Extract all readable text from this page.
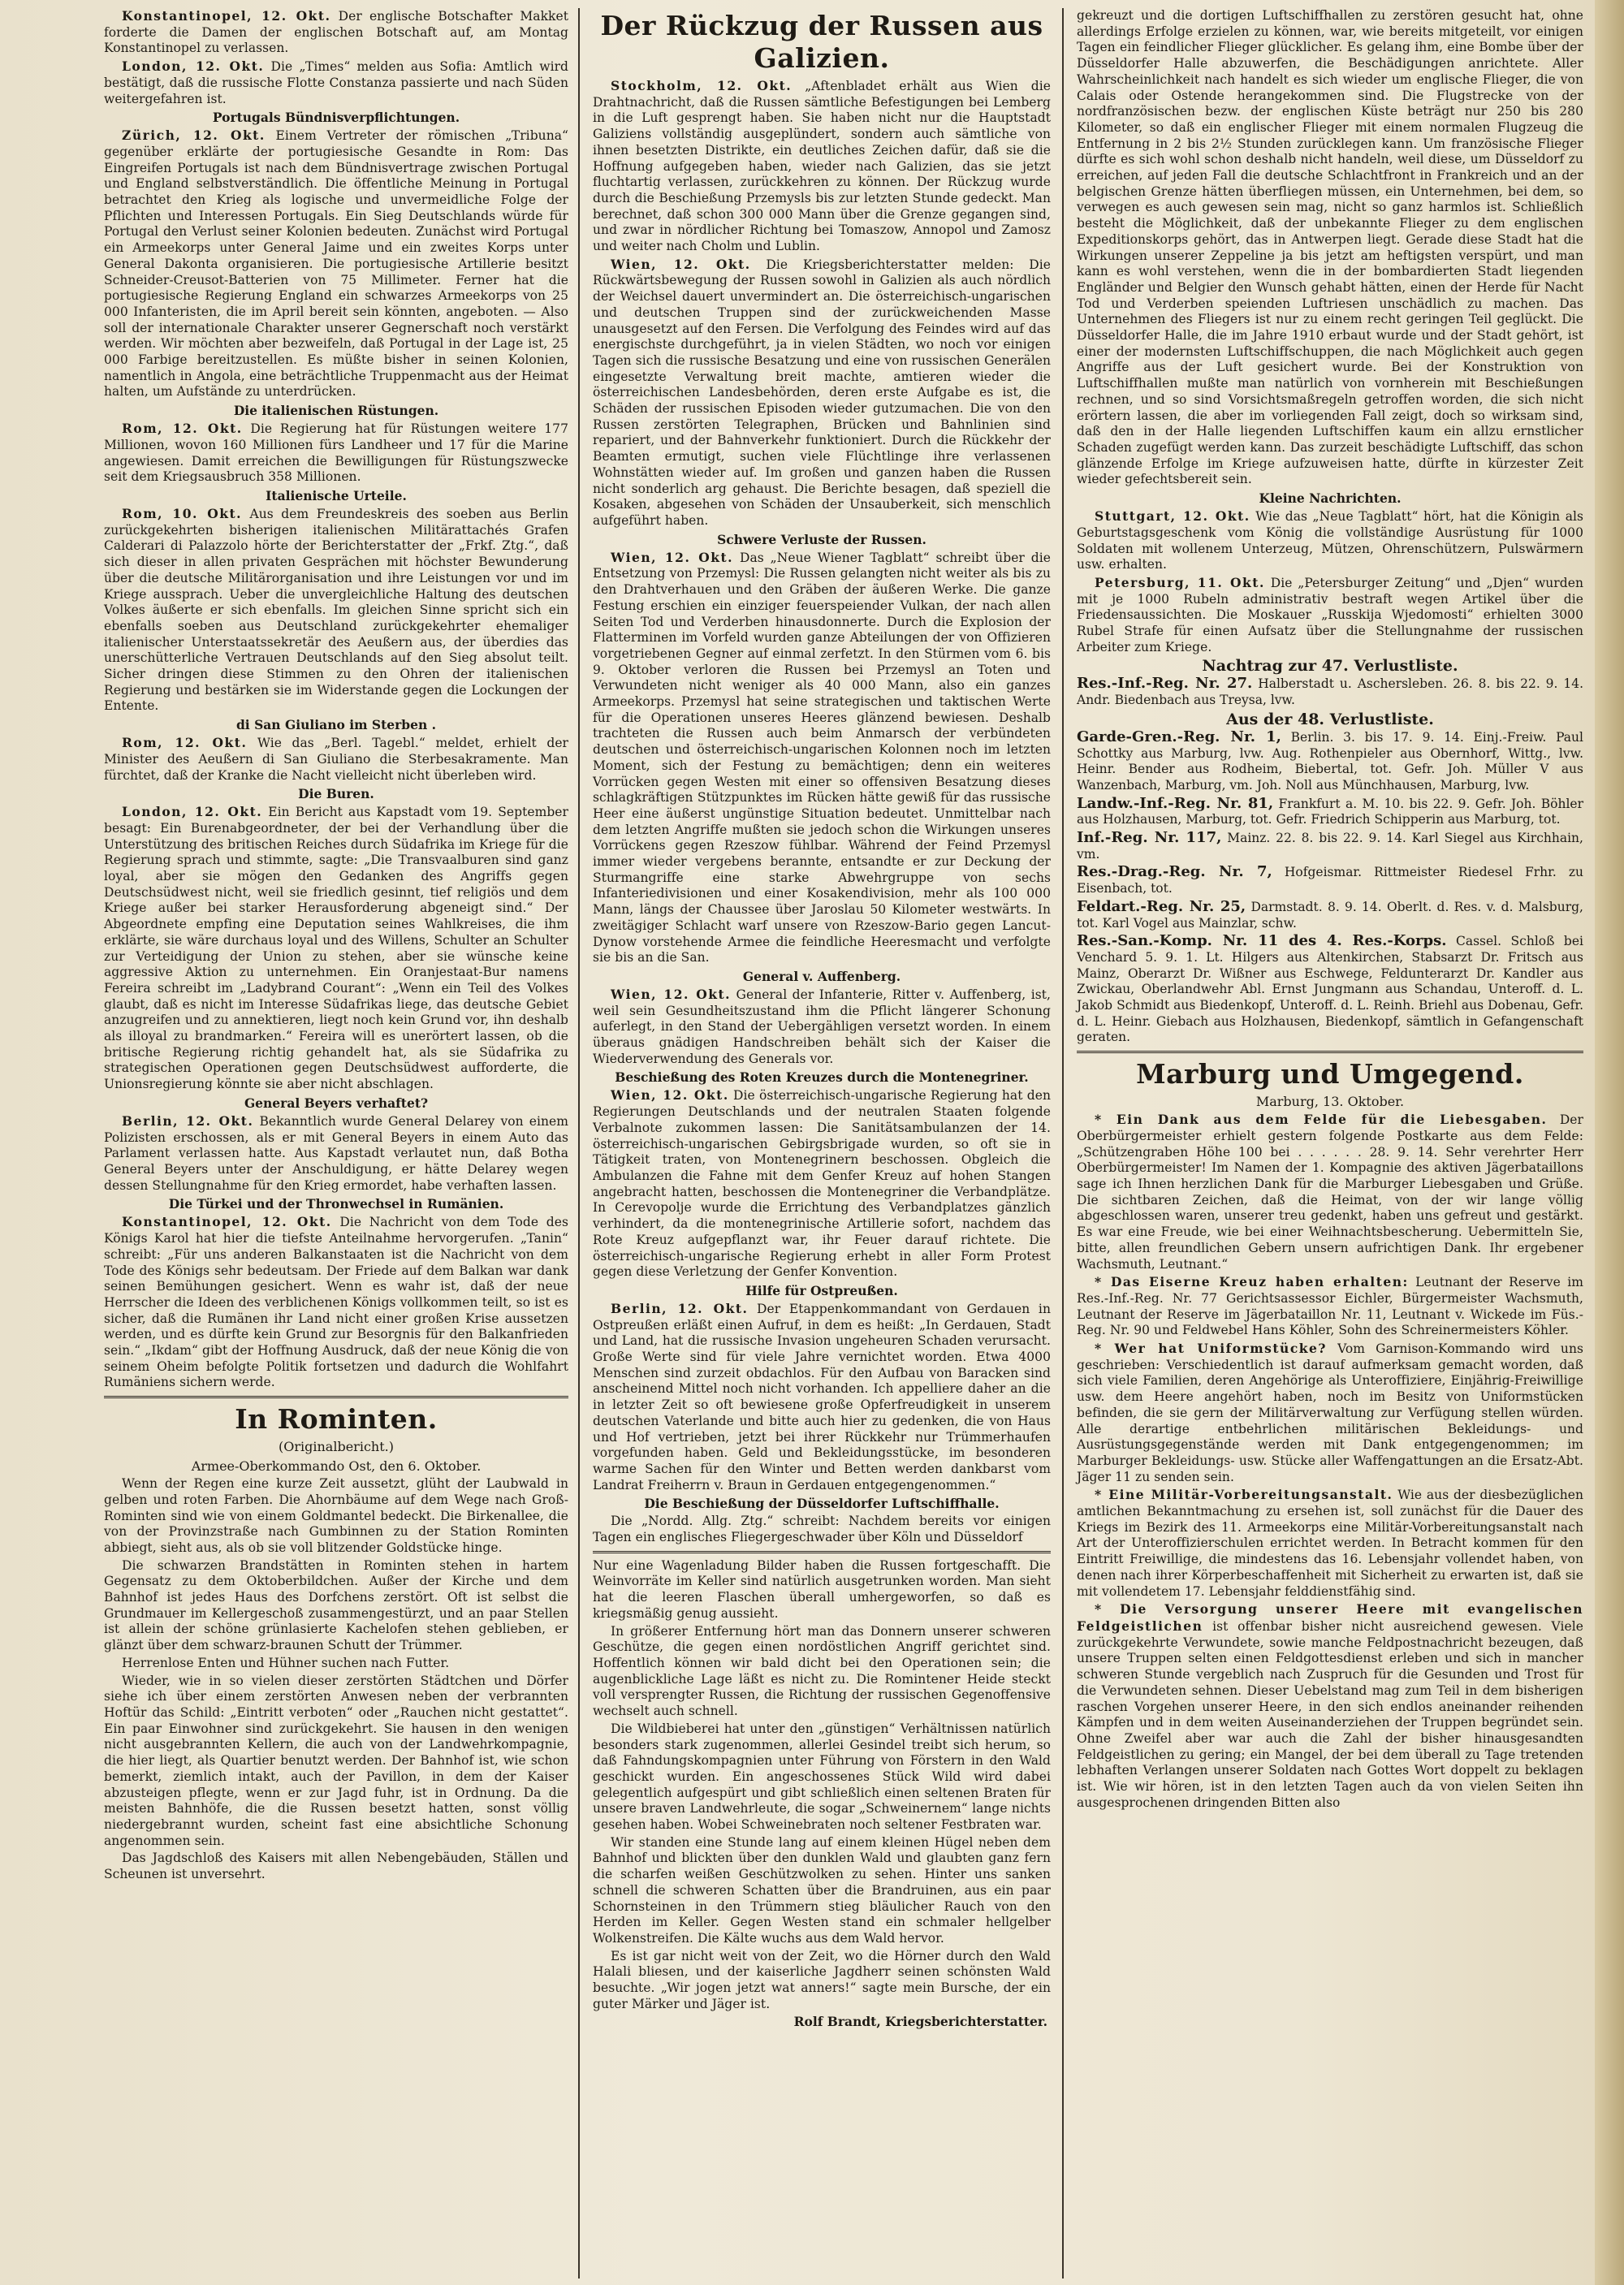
Konstantinopel, 12. Okt. Der englische Botschafter Makket forderte die Damen der englischen Botschaft auf, am Montag Konstantinopel zu verlassen.

London, 12. Okt. Die „Times“ melden aus Sofia: Amtlich wird bestätigt, daß die russische Flotte Constanza passierte und nach Süden weitergefahren ist.

Portugals Bündnisverpflichtungen.

Zürich, 12. Okt. Einem Vertreter der römischen „Tribuna“ gegenüber erklärte der portugiesische Gesandte in Rom: Das Eingreifen Portugals ist nach dem Bündnisvertrage zwischen Portugal und England selbstverständlich. Die öffentliche Meinung in Portugal betrachtet den Krieg als logische und unvermeidliche Folge der Pflichten und Interessen Portugals. Ein Sieg Deutschlands würde für Portugal den Verlust seiner Kolonien bedeuten. Zunächst wird Portugal ein Armeekorps unter General Jaime und ein zweites Korps unter General Dakonta organisieren. Die portugiesische Artillerie besitzt Schneider-Creusot-Batterien von 75 Millimeter. Ferner hat die portugiesische Regierung England ein schwarzes Armeekorps von 25 000 Infanteristen, die im April bereit sein könnten, angeboten. — Also soll der internationale Charakter unserer Gegnerschaft noch verstärkt werden. Wir möchten aber bezweifeln, daß Portugal in der Lage ist, 25 000 Farbige bereitzustellen. Es müßte bisher in seinen Kolonien, namentlich in Angola, eine beträchtliche Truppenmacht aus der Heimat halten, um Aufstände zu unterdrücken.

Die italienischen Rüstungen.

Rom, 12. Okt. Die Regierung hat für Rüstungen weitere 177 Millionen, wovon 160 Millionen fürs Landheer und 17 für die Marine angewiesen. Damit erreichen die Bewilligungen für Rüstungszwecke seit dem Kriegsausbruch 358 Millionen.

Italienische Urteile.

Rom, 10. Okt. Aus dem Freundeskreis des soeben aus Berlin zurückgekehrten bisherigen italienischen Militärattachés Grafen Calderari di Palazzolo hörte der Berichterstatter der „Frkf. Ztg.“, daß sich dieser in allen privaten Gesprächen mit höchster Bewunderung über die deutsche Militärorganisation und ihre Leistungen vor und im Kriege aussprach. Ueber die unvergleichliche Haltung des deutschen Volkes äußerte er sich ebenfalls. Im gleichen Sinne spricht sich ein ebenfalls soeben aus Deutschland zurückgekehrter ehemaliger italienischer Unterstaatssekretär des Aeußern aus, der überdies das unerschütterliche Vertrauen Deutschlands auf den Sieg absolut teilt. Sicher dringen diese Stimmen zu den Ohren der italienischen Regierung und bestärken sie im Widerstande gegen die Lockungen der Entente.

di San Giuliano im Sterben .

Rom, 12. Okt. Wie das „Berl. Tagebl.“ meldet, erhielt der Minister des Aeußern di San Giuliano die Sterbesakramente. Man fürchtet, daß der Kranke die Nacht vielleicht nicht überleben wird.

Die Buren.

London, 12. Okt. Ein Bericht aus Kapstadt vom 19. September besagt: Ein Burenabgeordneter, der bei der Verhandlung über die Unterstützung des britischen Reiches durch Südafrika im Kriege für die Regierung sprach und stimmte, sagte: „Die Transvaalburen sind ganz loyal, aber sie mögen den Gedanken des Angriffs gegen Deutschsüdwest nicht, weil sie friedlich gesinnt, tief religiös und dem Kriege außer bei starker Herausforderung abgeneigt sind.“ Der Abgeordnete empfing eine Deputation seines Wahlkreises, die ihm erklärte, sie wäre durchaus loyal und des Willens, Schulter an Schulter zur Verteidigung der Union zu stehen, aber sie wünsche keine aggressive Aktion zu unternehmen. Ein Oranjestaat-Bur namens Fereira schreibt im „Ladybrand Courant“: „Wenn ein Teil des Volkes glaubt, daß es nicht im Interesse Südafrikas liege, das deutsche Gebiet anzugreifen und zu annektieren, liegt noch kein Grund vor, ihn deshalb als illoyal zu brandmarken.“ Fereira will es unerörtert lassen, ob die britische Regierung richtig gehandelt hat, als sie Südafrika zu strategischen Operationen gegen Deutschsüdwest aufforderte, die Unionsregierung könnte sie aber nicht abschlagen.

General Beyers verhaftet?

Berlin, 12. Okt. Bekanntlich wurde General Delarey von einem Polizisten erschossen, als er mit General Beyers in einem Auto das Parlament verlassen hatte. Aus Kapstadt verlautet nun, daß Botha General Beyers unter der Anschuldigung, er hätte Delarey wegen dessen Stellungnahme für den Krieg ermordet, habe verhaften lassen.

Die Türkei und der Thronwechsel in Rumänien.

Konstantinopel, 12. Okt. Die Nachricht von dem Tode des Königs Karol hat hier die tiefste Anteilnahme hervorgerufen. „Tanin“ schreibt: „Für uns anderen Balkanstaaten ist die Nachricht von dem Tode des Königs sehr bedeutsam. Der Friede auf dem Balkan war dank seinen Bemühungen gesichert. Wenn es wahr ist, daß der neue Herrscher die Ideen des verblichenen Königs vollkommen teilt, so ist es sicher, daß die Rumänen ihr Land nicht einer großen Krise aussetzen werden, und es dürfte kein Grund zur Besorgnis für den Balkanfrieden sein.“ „Ikdam“ gibt der Hoffnung Ausdruck, daß der neue König die von seinem Oheim befolgte Politik fortsetzen und dadurch die Wohlfahrt Rumäniens sichern werde.

In Rominten.
(Originalbericht.)
Armee-Oberkommando Ost, den 6. Oktober.

Wenn der Regen eine kurze Zeit aussetzt, glüht der Laubwald in gelben und roten Farben. Die Ahornbäume auf dem Wege nach Groß-Rominten sind wie von einem Goldmantel bedeckt. Die Birkenallee, die von der Provinzstraße nach Gumbinnen zu der Station Rominten abbiegt, sieht aus, als ob sie voll blitzender Goldstücke hinge.

Die schwarzen Brandstätten in Rominten stehen in hartem Gegensatz zu dem Oktoberbildchen. Außer der Kirche und dem Bahnhof ist jedes Haus des Dorfchens zerstört. Oft ist selbst die Grundmauer im Kellergeschoß zusammengestürzt, und an paar Stellen ist allein der schöne grünlasierte Kachelofen stehen geblieben, er glänzt über dem schwarz-braunen Schutt der Trümmer.

Herrenlose Enten und Hühner suchen nach Futter.

Wieder, wie in so vielen dieser zerstörten Städtchen und Dörfer siehe ich über einem zerstörten Anwesen neben der verbrannten Hoftür das Schild: „Eintritt verboten“ oder „Rauchen nicht gestattet“. Ein paar Einwohner sind zurückgekehrt. Sie hausen in den wenigen nicht ausgebrannten Kellern, die auch von der Landwehrkompagnie, die hier liegt, als Quartier benutzt werden. Der Bahnhof ist, wie schon bemerkt, ziemlich intakt, auch der Pavillon, in dem der Kaiser abzusteigen pflegte, wenn er zur Jagd fuhr, ist in Ordnung. Da die meisten Bahnhöfe, die die Russen besetzt hatten, sonst völlig niedergebrannt wurden, scheint fast eine absichtliche Schonung angenommen sein.

Das Jagdschloß des Kaisers mit allen Nebengebäuden, Ställen und Scheunen ist unversehrt.

Der Rückzug der Russen aus Galizien.

Stockholm, 12. Okt. „Aftenbladet erhält aus Wien die Drahtnachricht, daß die Russen sämtliche Befestigungen bei Lemberg in die Luft gesprengt haben. Sie haben nicht nur die Hauptstadt Galiziens vollständig ausgeplündert, sondern auch sämtliche von ihnen besetzten Distrikte, ein deutliches Zeichen dafür, daß sie die Hoffnung aufgegeben haben, wieder nach Galizien, das sie jetzt fluchtartig verlassen, zurückkehren zu können. Der Rückzug wurde durch die Beschießung Przemysls bis zur letzten Stunde gedeckt. Man berechnet, daß schon 300 000 Mann über die Grenze gegangen sind, und zwar in nördlicher Richtung bei Tomaszow, Annopol und Zamosz und weiter nach Cholm und Lublin.

Wien, 12. Okt. Die Kriegsberichterstatter melden: Die Rückwärtsbewegung der Russen sowohl in Galizien als auch nördlich der Weichsel dauert unvermindert an. Die österreichisch-ungarischen und deutschen Truppen sind der zurückweichenden Masse unausgesetzt auf den Fersen. Die Verfolgung des Feindes wird auf das energischste durchgeführt, ja in vielen Städten, wo noch vor einigen Tagen sich die russische Besatzung und eine von russischen Generälen eingesetzte Verwaltung breit machte, amtieren wieder die österreichischen Landesbehörden, deren erste Aufgabe es ist, die Schäden der russischen Episoden wieder gutzumachen. Die von den Russen zerstörten Telegraphen, Brücken und Bahnlinien sind repariert, und der Bahnverkehr funktioniert. Durch die Rückkehr der Beamten ermutigt, suchen viele Flüchtlinge ihre verlassenen Wohnstätten wieder auf. Im großen und ganzen haben die Russen nicht sonderlich arg gehaust. Die Berichte besagen, daß speziell die Kosaken, abgesehen von Schäden der Unsauberkeit, sich menschlich aufgeführt haben.

Schwere Verluste der Russen.

Wien, 12. Okt. Das „Neue Wiener Tagblatt“ schreibt über die Entsetzung von Przemysl: Die Russen gelangten nicht weiter als bis zu den Drahtverhauen und den Gräben der äußeren Werke. Die ganze Festung erschien ein einziger feuerspeiender Vulkan, der nach allen Seiten Tod und Verderben hinausdonnerte. Durch die Explosion der Flatterminen im Vorfeld wurden ganze Abteilungen der von Offizieren vorgetriebenen Gegner auf einmal zerfetzt. In den Stürmen vom 6. bis 9. Oktober verloren die Russen bei Przemysl an Toten und Verwundeten nicht weniger als 40 000 Mann, also ein ganzes Armeekorps. Przemysl hat seine strategischen und taktischen Werte für die Operationen unseres Heeres glänzend bewiesen. Deshalb trachteten die Russen auch beim Anmarsch der verbündeten deutschen und österreichisch-ungarischen Kolonnen noch im letzten Moment, sich der Festung zu bemächtigen; denn ein weiteres Vorrücken gegen Westen mit einer so offensiven Besatzung dieses schlagkräftigen Stützpunktes im Rücken hätte gewiß für das russische Heer eine äußerst ungünstige Situation bedeutet. Unmittelbar nach dem letzten Angriffe mußten sie jedoch schon die Wirkungen unseres Vorrückens gegen Rzeszow fühlbar. Während der Feind Przemysl immer wieder vergebens berannte, entsandte er zur Deckung der Sturmangriffe eine starke Abwehrgruppe von sechs Infanteriedivisionen und einer Kosakendivision, mehr als 100 000 Mann, längs der Chaussee über Jaroslau 50 Kilometer westwärts. In zweitägiger Schlacht warf unsere von Rzeszow-Bario gegen Lancut-Dynow vorstehende Armee die feindliche Heeresmacht und verfolgte sie bis an die San.

General v. Auffenberg.

Wien, 12. Okt. General der Infanterie, Ritter v. Auffenberg, ist, weil sein Gesundheitszustand ihm die Pflicht längerer Schonung auferlegt, in den Stand der Uebergähligen versetzt worden. In einem überaus gnädigen Handschreiben behält sich der Kaiser die Wiederverwendung des Generals vor.

Beschießung des Roten Kreuzes durch die Montenegriner.

Wien, 12. Okt. Die österreichisch-ungarische Regierung hat den Regierungen Deutschlands und der neutralen Staaten folgende Verbalnote zukommen lassen: Die Sanitätsambulanzen der 14. österreichisch-ungarischen Gebirgsbrigade wurden, so oft sie in Tätigkeit traten, von Montenegrinern beschossen. Obgleich die Ambulanzen die Fahne mit dem Genfer Kreuz auf hohen Stangen angebracht hatten, beschossen die Montenegriner die Verbandplätze. In Cerevopolje wurde die Errichtung des Verbandplatzes gänzlich verhindert, da die montenegrinische Artillerie sofort, nachdem das Rote Kreuz aufgepflanzt war, ihr Feuer darauf richtete. Die österreichisch-ungarische Regierung erhebt in aller Form Protest gegen diese Verletzung der Genfer Konvention.

Hilfe für Ostpreußen.

Berlin, 12. Okt. Der Etappenkommandant von Gerdauen in Ostpreußen erläßt einen Aufruf, in dem es heißt: „In Gerdauen, Stadt und Land, hat die russische Invasion ungeheuren Schaden verursacht. Große Werte sind für viele Jahre vernichtet worden. Etwa 4000 Menschen sind zurzeit obdachlos. Für den Aufbau von Baracken sind anscheinend Mittel noch nicht vorhanden. Ich appelliere daher an die in letzter Zeit so oft bewiesene große Opferfreudigkeit in unserem deutschen Vaterlande und bitte auch hier zu gedenken, die von Haus und Hof vertrieben, jetzt bei ihrer Rückkehr nur Trümmerhaufen vorgefunden haben. Geld und Bekleidungsstücke, im besonderen warme Sachen für den Winter und Betten werden dankbarst vom Landrat Freiherrn v. Braun in Gerdauen entgegengenommen.“

Die Beschießung der Düsseldorfer Luftschiffhalle.

Die „Nordd. Allg. Ztg.“ schreibt: Nachdem bereits vor einigen Tagen ein englisches Fliegergeschwader über Köln und Düsseldorf

Nur eine Wagenladung Bilder haben die Russen fortgeschafft. Die Weinvorräte im Keller sind natürlich ausgetrunken worden. Man sieht hat die leeren Flaschen überall umhergeworfen, so daß es kriegsmäßig genug aussieht.

In größerer Entfernung hört man das Donnern unserer schweren Geschütze, die gegen einen nordöstlichen Angriff gerichtet sind. Hoffentlich können wir bald dicht bei den Operationen sein; die augenblickliche Lage läßt es nicht zu. Die Romintener Heide steckt voll versprengter Russen, die Richtung der russischen Gegenoffensive wechselt auch schnell.

Die Wildbieberei hat unter den „günstigen“ Verhältnissen natürlich besonders stark zugenommen, allerlei Gesindel treibt sich herum, so daß Fahndungskompagnien unter Führung von Förstern in den Wald geschickt wurden. Ein angeschossenes Stück Wild wird dabei gelegentlich aufgespürt und gibt schließlich einen seltenen Braten für unsere braven Landwehrleute, die sogar „Schweinernem“ lange nichts gesehen haben. Wobei Schweinebraten noch seltener Festbraten war.

Wir standen eine Stunde lang auf einem kleinen Hügel neben dem Bahnhof und blickten über den dunklen Wald und glaubten ganz fern die scharfen weißen Geschützwolken zu sehen. Hinter uns sanken schnell die schweren Schatten über die Brandruinen, aus ein paar Schornsteinen in den Trümmern stieg bläulicher Rauch von den Herden im Keller. Gegen Westen stand ein schmaler hellgelber Wolkenstreifen. Die Kälte wuchs aus dem Wald hervor.

Es ist gar nicht weit von der Zeit, wo die Hörner durch den Wald Halali bliesen, und der kaiserliche Jagdherr seinen schönsten Wald besuchte. „Wir jogen jetzt wat anners!“ sagte mein Bursche, der ein guter Märker und Jäger ist.

Rolf Brandt, Kriegsberichterstatter.

gekreuzt und die dortigen Luftschiffhallen zu zerstören gesucht hat, ohne allerdings Erfolge erzielen zu können, war, wie bereits mitgeteilt, vor einigen Tagen ein feindlicher Flieger glücklicher. Es gelang ihm, eine Bombe über der Düsseldorfer Halle abzuwerfen, die Beschädigungen anrichtete. Aller Wahrscheinlichkeit nach handelt es sich wieder um englische Flieger, die von Calais oder Ostende herangekommen sind. Die Flugstrecke von der nordfranzösischen bezw. der englischen Küste beträgt nur 250 bis 280 Kilometer, so daß ein englischer Flieger mit einem normalen Flugzeug die Entfernung in 2 bis 2½ Stunden zurücklegen kann. Um französische Flieger dürfte es sich wohl schon deshalb nicht handeln, weil diese, um Düsseldorf zu erreichen, auf jeden Fall die deutsche Schlachtfront in Frankreich und an der belgischen Grenze hätten überfliegen müssen, ein Unternehmen, bei dem, so verwegen es auch gewesen sein mag, nicht so ganz harmlos ist. Schließlich besteht die Möglichkeit, daß der unbekannte Flieger zu dem englischen Expeditionskorps gehört, das in Antwerpen liegt. Gerade diese Stadt hat die Wirkungen unserer Zeppeline ja bis jetzt am heftigsten verspürt, und man kann es wohl verstehen, wenn die in der bombardierten Stadt liegenden Engländer und Belgier den Wunsch gehabt hätten, einen der Herde für Nacht Tod und Verderben speienden Luftriesen unschädlich zu machen. Das Unternehmen des Fliegers ist nur zu einem recht geringen Teil geglückt. Die Düsseldorfer Halle, die im Jahre 1910 erbaut wurde und der Stadt gehört, ist einer der modernsten Luftschiffschuppen, die nach Möglichkeit auch gegen Angriffe aus der Luft gesichert wurde. Bei der Konstruktion von Luftschiffhallen mußte man natürlich von vornherein mit Beschießungen rechnen, und so sind Vorsichtsmaßregeln getroffen worden, die sich nicht erörtern lassen, die aber im vorliegenden Fall zeigt, doch so wirksam sind, daß den in der Halle liegenden Luftschiffen kaum ein allzu ernstlicher Schaden zugefügt werden kann. Das zurzeit beschädigte Luftschiff, das schon glänzende Erfolge im Kriege aufzuweisen hatte, dürfte in kürzester Zeit wieder gefechtsbereit sein.

Kleine Nachrichten.

Stuttgart, 12. Okt. Wie das „Neue Tagblatt“ hört, hat die Königin als Geburtstagsgeschenk vom König die vollständige Ausrüstung für 1000 Soldaten mit wollenem Unterzeug, Mützen, Ohrenschützern, Pulswärmern usw. erhalten.

Petersburg, 11. Okt. Die „Petersburger Zeitung“ und „Djen“ wurden mit je 1000 Rubeln administrativ bestraft wegen Artikel über die Friedensaussichten. Die Moskauer „Russkija Wjedomosti“ erhielten 3000 Rubel Strafe für einen Aufsatz über die Stellungnahme der russischen Arbeiter zum Kriege.

Nachtrag zur 47. Verlustliste.

Res.-Inf.-Reg. Nr. 27. Halberstadt u. Aschersleben. 26. 8. bis 22. 9. 14. Andr. Biedenbach aus Treysa, lvw.

Aus der 48. Verlustliste.

Garde-Gren.-Reg. Nr. 1, Berlin. 3. bis 17. 9. 14. Einj.-Freiw. Paul Schottky aus Marburg, lvw. Aug. Rothenpieler aus Obernhorf, Wittg., lvw. Heinr. Bender aus Rodheim, Biebertal, tot. Gefr. Joh. Müller V aus Wanzenbach, Marburg, vm. Joh. Noll aus Münchhausen, Marburg, lvw.

Landw.-Inf.-Reg. Nr. 81, Frankfurt a. M. 10. bis 22. 9. Gefr. Joh. Böhler aus Holzhausen, Marburg, tot. Gefr. Friedrich Schipperin aus Marburg, tot.

Inf.-Reg. Nr. 117, Mainz. 22. 8. bis 22. 9. 14. Karl Siegel aus Kirchhain, vm.

Res.-Drag.-Reg. Nr. 7, Hofgeismar. Rittmeister Riedesel Frhr. zu Eisenbach, tot.

Feldart.-Reg. Nr. 25, Darmstadt. 8. 9. 14. Oberlt. d. Res. v. d. Malsburg, tot. Karl Vogel aus Mainzlar, schw.

Res.-San.-Komp. Nr. 11 des 4. Res.-Korps. Cassel. Schloß bei Venchard 5. 9. 1. Lt. Hilgers aus Altenkirchen, Stabsarzt Dr. Fritsch aus Mainz, Oberarzt Dr. Wißner aus Eschwege, Feldunterarzt Dr. Kandler aus Zwickau, Oberlandwehr Abl. Ernst Jungmann aus Schandau, Unteroff. d. L. Jakob Schmidt aus Biedenkopf, Unteroff. d. L. Reinh. Briehl aus Dobenau, Gefr. d. L. Heinr. Giebach aus Holzhausen, Biedenkopf, sämtlich in Gefangenschaft geraten.

Marburg und Umgegend.
Marburg, 13. Oktober.

* Ein Dank aus dem Felde für die Liebesgaben. Der Oberbürgermeister erhielt gestern folgende Postkarte aus dem Felde: „Schützengraben Höhe 100 bei . . . . . . 28. 9. 14. Sehr verehrter Herr Oberbürgermeister! Im Namen der 1. Kompagnie des aktiven Jägerbataillons sage ich Ihnen herzlichen Dank für die Marburger Liebesgaben und Grüße. Die sichtbaren Zeichen, daß die Heimat, von der wir lange völlig abgeschlossen waren, unserer treu gedenkt, haben uns gefreut und gestärkt. Es war eine Freude, wie bei einer Weihnachtsbescherung. Uebermitteln Sie, bitte, allen freundlichen Gebern unsern aufrichtigen Dank. Ihr ergebener Wachsmuth, Leutnant.“

* Das Eiserne Kreuz haben erhalten: Leutnant der Reserve im Res.-Inf.-Reg. Nr. 77 Gerichtsassessor Eichler, Bürgermeister Wachsmuth, Leutnant der Reserve im Jägerbataillon Nr. 11, Leutnant v. Wickede im Füs.-Reg. Nr. 90 und Feldwebel Hans Köhler, Sohn des Schreinermeisters Köhler.

* Wer hat Uniformstücke? Vom Garnison-Kommando wird uns geschrieben: Verschiedentlich ist darauf aufmerksam gemacht worden, daß sich viele Familien, deren Angehörige als Unteroffiziere, Einjährig-Freiwillige usw. dem Heere angehört haben, noch im Besitz von Uniformstücken befinden, die sie gern der Militärverwaltung zur Verfügung stellen würden. Alle derartige entbehrlichen militärischen Bekleidungs- und Ausrüstungsgegenstände werden mit Dank entgegengenommen; im Marburger Bekleidungs- usw. Stücke aller Waffengattungen an die Ersatz-Abt. Jäger 11 zu senden sein.

* Eine Militär-Vorbereitungsanstalt. Wie aus der diesbezüglichen amtlichen Bekanntmachung zu ersehen ist, soll zunächst für die Dauer des Kriegs im Bezirk des 11. Armeekorps eine Militär-Vorbereitungsanstalt nach Art der Unteroffizierschulen errichtet werden. In Betracht kommen für den Eintritt Freiwillige, die mindestens das 16. Lebensjahr vollendet haben, von denen nach ihrer Körperbeschaffenheit mit Sicherheit zu erwarten ist, daß sie mit vollendetem 17. Lebensjahr felddienstfähig sind.

* Die Versorgung unserer Heere mit evangelischen Feldgeistlichen ist offenbar bisher nicht ausreichend gewesen. Viele zurückgekehrte Verwundete, sowie manche Feldpostnachricht bezeugen, daß unsere Truppen selten einen Feldgottesdienst erleben und sich in mancher schweren Stunde vergeblich nach Zuspruch für die Gesunden und Trost für die Verwundeten sehnen. Dieser Uebelstand mag zum Teil in dem bisherigen raschen Vorgehen unserer Heere, in den sich endlos aneinander reihenden Kämpfen und in dem weiten Auseinanderziehen der Truppen begründet sein. Ohne Zweifel aber war auch die Zahl der bisher hinausgesandten Feldgeistlichen zu gering; ein Mangel, der bei dem überall zu Tage tretenden lebhaften Verlangen unserer Soldaten nach Gottes Wort doppelt zu beklagen ist. Wie wir hören, ist in den letzten Tagen auch da von vielen Seiten ihn ausgesprochenen dringenden Bitten also
